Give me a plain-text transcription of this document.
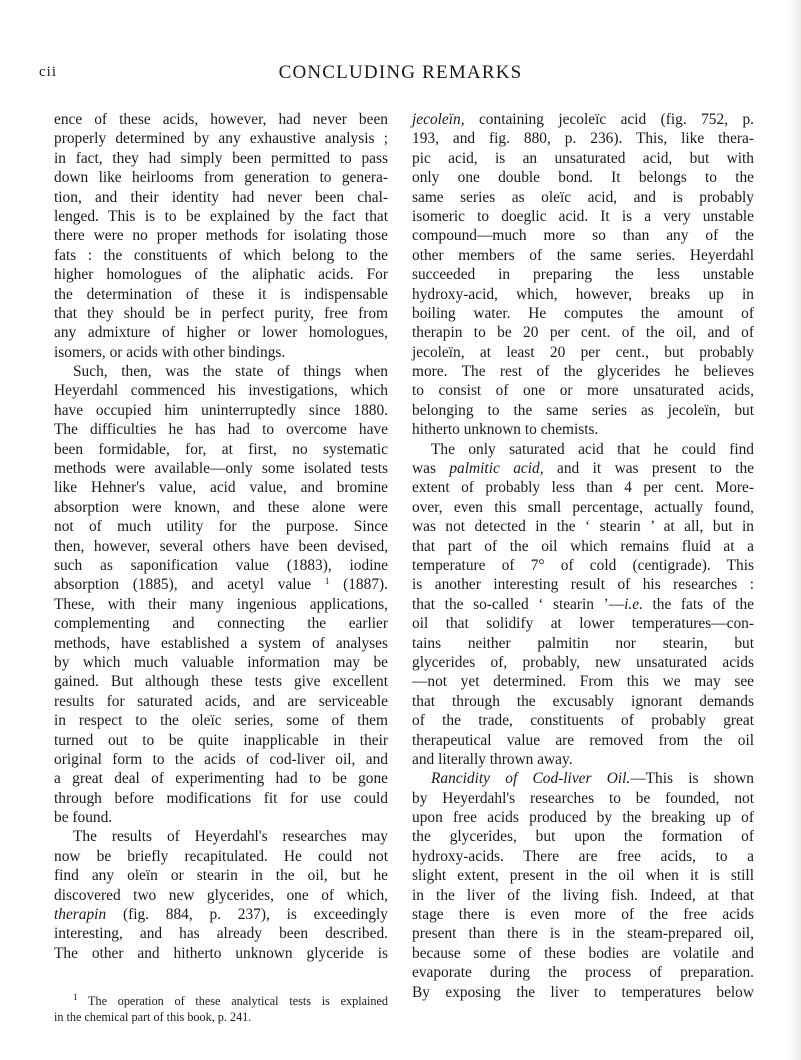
cii	CONCLUDING REMARKS
ence of these acids, however, had never been
properly determined by any exhaustive analysis ;
in fact, they had simply been permitted to pass
down like heirlooms from generation to genera-
tion, and their identity had never been chal-
lenged. This is to be explained by the fact that
there were no proper methods for isolating those
fats : the constituents of which belong to the
higher homologues of the aliphatic acids. For
the determination of these it is indispensable
that they should be in perfect purity, free from
any admixture of higher or lower homologues,
isomers, or acids with other bindings.
Such, then, was the state of things when
Heyerdahl commenced his investigations, which
have occupied him uninterruptedly since 1880.
The difficulties he has had to overcome have
been formidable, for, at first, no systematic
methods were available—only some isolated tests
like Hehner's value, acid value, and bromine
absorption were known, and these alone were
not of much utility for the purpose. Since
then, however, several others have been devised,
such as saponification value (1883), iodine
absorption (1885), and acetyl value $^1$ (1887).
These, with their many ingenious applications,
complementing and connecting the earlier
methods, have established a system of analyses
by which much valuable information may be
gained. But although these tests give excellent
results for saturated acids, and are serviceable
in respect to the oleïc series, some of them
turned out to be quite inapplicable in their
original form to the acids of cod-liver oil, and
a great deal of experimenting had to be gone
through before modifications fit for use could
be found.
The results of Heyerdahl's researches may
now be briefly recapitulated. He could not
find any oleïn or stearin in the oil, but he
discovered two new glycerides, one of which,
therapin (fig. 884, p. 237), is exceedingly
interesting, and has already been described.
The other and hitherto unknown glyceride is
$^1$ The operation of these analytical tests is explained
in the chemical part of this book, p. 241.
jecoleïn, containing jecoleïc acid (fig. 752, p.
193, and fig. 880, p. 236). This, like thera-
pic acid, is an unsaturated acid, but with
only one double bond. It belongs to the
same series as oleïc acid, and is probably
isomeric to doeglic acid. It is a very unstable
compound—much more so than any of the
other members of the same series. Heyerdahl
succeeded in preparing the less unstable
hydroxy-acid, which, however, breaks up in
boiling water. He computes the amount of
therapin to be 20 per cent. of the oil, and of
jecoleïn, at least 20 per cent., but probably
more. The rest of the glycerides he believes
to consist of one or more unsaturated acids,
belonging to the same series as jecoleïn, but
hitherto unknown to chemists.
The only saturated acid that he could find
was palmitic acid, and it was present to the
extent of probably less than 4 per cent. More-
over, even this small percentage, actually found,
was not detected in the ‘ stearin ’ at all, but in
that part of the oil which remains fluid at a
temperature of 7° of cold (centigrade). This
is another interesting result of his researches :
that the so-called ‘ stearin ’—i.e. the fats of the
oil that solidify at lower temperatures—con-
tains neither palmitin nor stearin, but
glycerides of, probably, new unsaturated acids
—not yet determined. From this we may see
that through the excusably ignorant demands
of the trade, constituents of probably great
therapeutical value are removed from the oil
and literally thrown away.
Rancidity of Cod-liver Oil.—This is shown
by Heyerdahl's researches to be founded, not
upon free acids produced by the breaking up of
the glycerides, but upon the formation of
hydroxy-acids. There are free acids, to a
slight extent, present in the oil when it is still
in the liver of the living fish. Indeed, at that
stage there is even more of the free acids
present than there is in the steam-prepared oil,
because some of these bodies are volatile and
evaporate during the process of preparation.
By exposing the liver to temperatures below
